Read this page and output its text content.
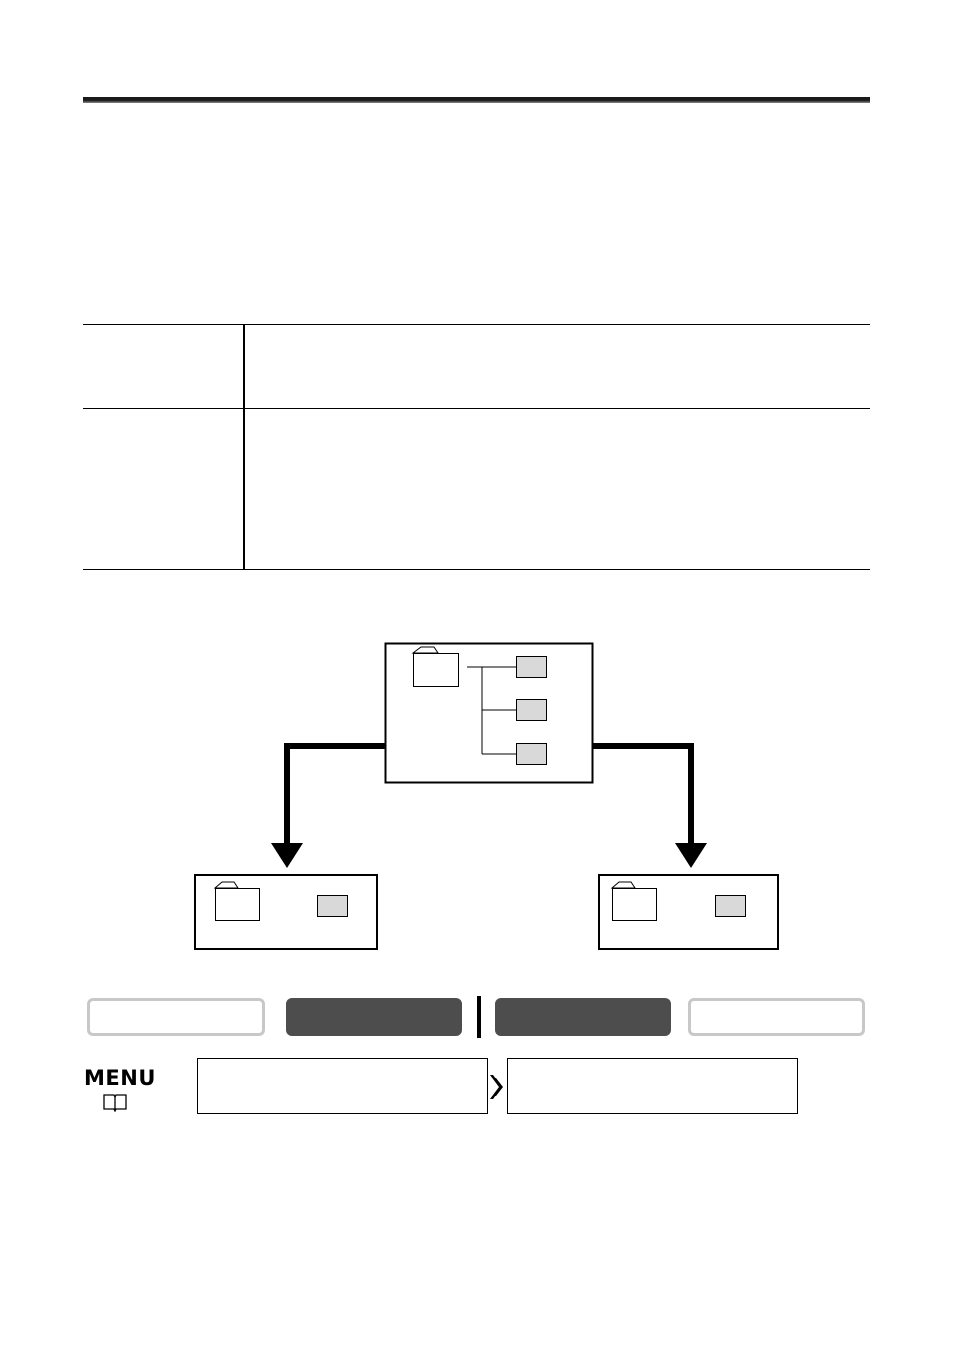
MENU
